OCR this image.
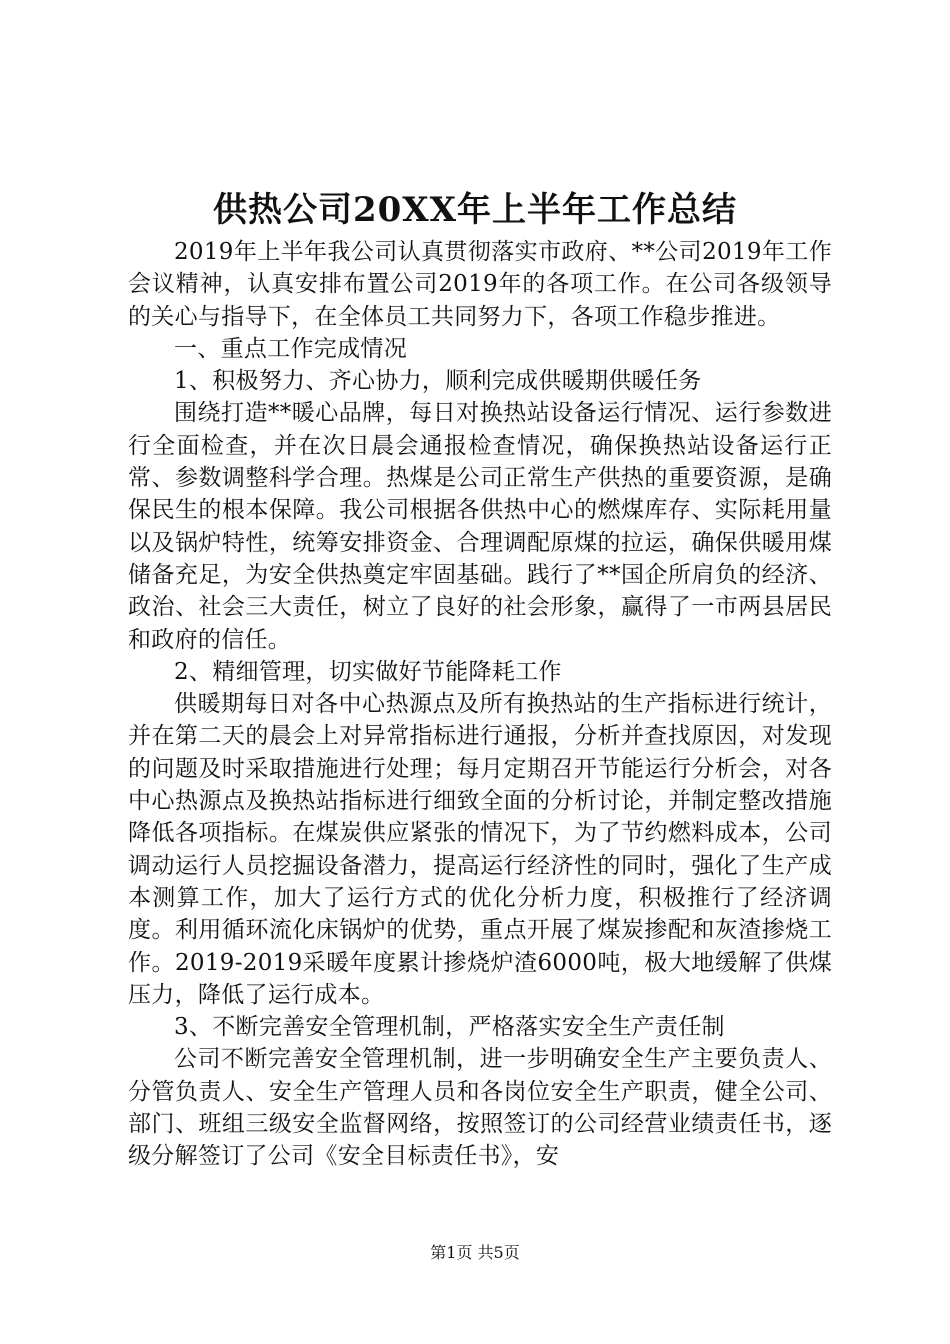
供热公司20XX年上半年工作总结

2019年上半年我公司认真贯彻落实市政府、**公司2019年工作会议精神，认真安排布置公司2019年的各项工作。在公司各级领导的关心与指导下，在全体员工共同努力下，各项工作稳步推进。

一、重点工作完成情况

1、积极努力、齐心协力，顺利完成供暖期供暖任务

围绕打造**暖心品牌，每日对换热站设备运行情况、运行参数进行全面检查，并在次日晨会通报检查情况，确保换热站设备运行正常、参数调整科学合理。热煤是公司正常生产供热的重要资源，是确保民生的根本保障。我公司根据各供热中心的燃煤库存、实际耗用量以及锅炉特性，统筹安排资金、合理调配原煤的拉运，确保供暖用煤储备充足，为安全供热奠定牢固基础。践行了**国企所肩负的经济、政治、社会三大责任，树立了良好的社会形象，赢得了一市两县居民和政府的信任。

2、精细管理，切实做好节能降耗工作

供暖期每日对各中心热源点及所有换热站的生产指标进行统计，并在第二天的晨会上对异常指标进行通报，分析并查找原因，对发现的问题及时采取措施进行处理；每月定期召开节能运行分析会，对各中心热源点及换热站指标进行细致全面的分析讨论，并制定整改措施降低各项指标。在煤炭供应紧张的情况下，为了节约燃料成本，公司调动运行人员挖掘设备潜力，提高运行经济性的同时，强化了生产成本测算工作，加大了运行方式的优化分析力度，积极推行了经济调度。利用循环流化床锅炉的优势，重点开展了煤炭掺配和灰渣掺烧工作。2019-2019采暖年度累计掺烧炉渣6000吨，极大地缓解了供煤压力，降低了运行成本。

3、不断完善安全管理机制，严格落实安全生产责任制

公司不断完善安全管理机制，进一步明确安全生产主要负责人、分管负责人、安全生产管理人员和各岗位安全生产职责，健全公司、部门、班组三级安全监督网络，按照签订的公司经营业绩责任书，逐级分解签订了公司《安全目标责任书》，安

第1页 共5页
